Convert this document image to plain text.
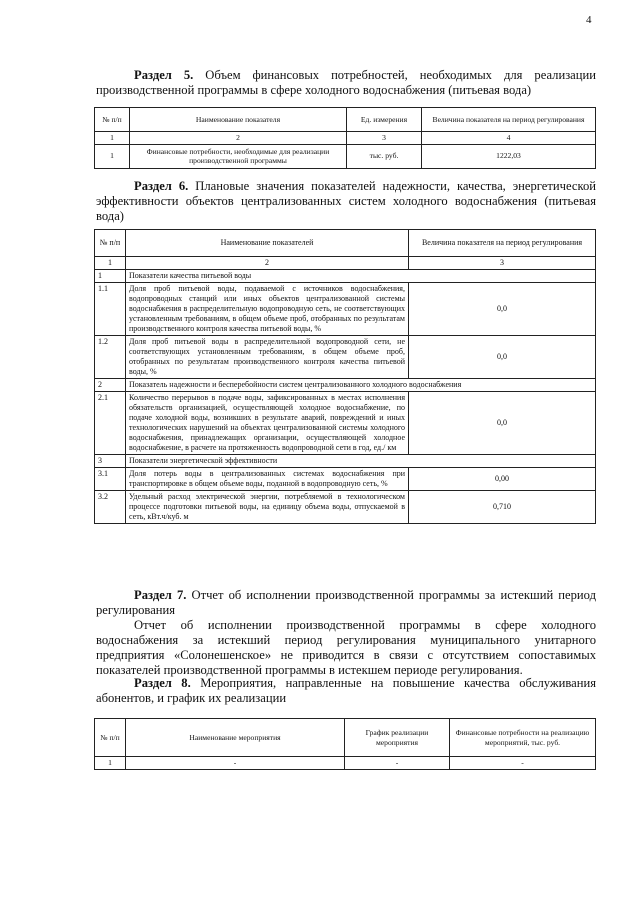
4
Раздел 5. Объем финансовых потребностей, необходимых для реализации производственной программы в сфере холодного водоснабжения (питьевая вода)
№ п/п	Наименование показателя	Ед. измерения	Величина показателя на период регулирования
1	2	3	4
1	Финансовые потребности, необходимые для реализации производственной программы	тыс. руб.	1222,03
Раздел 6. Плановые значения показателей надежности, качества, энергетической эффективности объектов централизованных систем холодного водоснабжения (питьевая вода)
№ п/п	Наименование показателей	Величина показателя на период регулирования
1	2	3
1	Показатели качества питьевой воды	
1.1	Доля проб питьевой воды, подаваемой с источников водоснабжения, водопроводных станций или иных объектов централизованной системы водоснабжения в распределительную водопроводную сеть, не соответствующих установленным требованиям, в общем объеме проб, отобранных по результатам производственного контроля качества питьевой воды, %	0,0
1.2	Доля проб питьевой воды в распределительной водопроводной сети, не соответствующих установленным требованиям, в общем объеме проб, отобранных по результатам производственного контроля качества питьевой воды, %	0,0
2	Показатель надежности и бесперебойности систем централизованного холодного водоснабжения	
2.1	Количество перерывов в подаче воды, зафиксированных в местах исполнения обязательств организацией, осуществляющей холодное водоснабжение, по подаче холодной воды, возникших в результате аварий, повреждений и иных технологических нарушений на объектах централизованной системы холодного водоснабжения, принадлежащих организации, осуществляющей холодное водоснабжение, в расчете на протяженность водопроводной сети в год, ед./ км	0,0
3	Показатели энергетической эффективности	
3.1	Доля потерь воды в централизованных системах водоснабжения при транспортировке в общем объеме воды, поданной в водопроводную сеть, %	0,00
3.2	Удельный расход электрической энергии, потребляемой в технологическом процессе подготовки питьевой воды, на единицу объема воды, отпускаемой в сеть, кВт.ч/куб. м	0,710
Раздел 7. Отчет об исполнении производственной программы за истекший период регулирования
Отчет об исполнении производственной программы в сфере холодного водоснабжения за истекший период регулирования муниципального унитарного предприятия «Солонешенское» не приводится в связи с отсутствием сопоставимых показателей производственной программы в истекшем периоде регулирования.
Раздел 8. Мероприятия, направленные на повышение качества обслуживания абонентов, и график их реализации
№ п/п	Наименование мероприятия	График реализации мероприятия	Финансовые потребности на реализацию мероприятий, тыс. руб.
1	-	-	-
